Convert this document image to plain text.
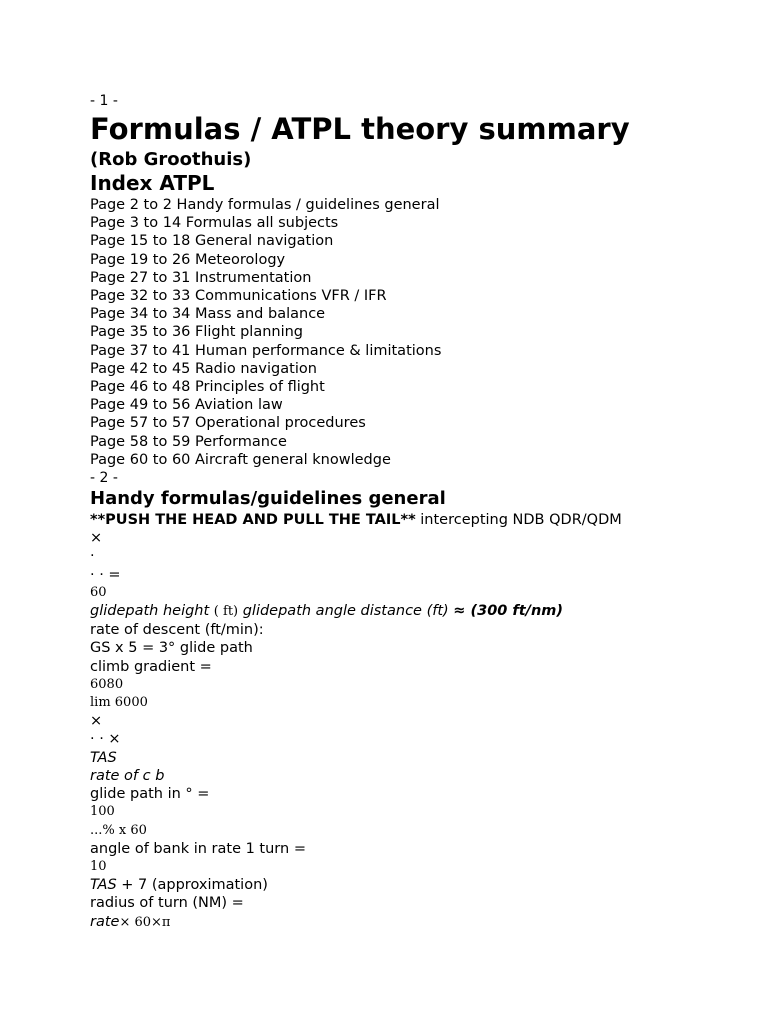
- 1 -
Formulas / ATPL theory summary
(Rob Groothuis)
Index ATPL
Page 2 to 2 Handy formulas / guidelines general
Page 3 to 14 Formulas all subjects
Page 15 to 18 General navigation
Page 19 to 26 Meteorology
Page 27 to 31 Instrumentation
Page 32 to 33 Communications VFR / IFR
Page 34 to 34 Mass and balance
Page 35 to 36 Flight planning
Page 37 to 41 Human performance & limitations
Page 42 to 45 Radio navigation
Page 46 to 48 Principles of flight
Page 49 to 56 Aviation law
Page 57 to 57 Operational procedures
Page 58 to 59 Performance
Page 60 to 60 Aircraft general knowledge
- 2 -
Handy formulas/guidelines general
**PUSH THE HEAD AND PULL THE TAIL** intercepting NDB QDR/QDM
×
·
· · =
60
glidepath height ( ft) glidepath angle distance (ft) ≈ (300 ft/nm)
rate of descent (ft/min):
GS x 5 = 3° glide path
climb gradient =
6080
lim 6000
×
· · ×
TAS
rate of c b
glide path in ° =
100
...% x 60
angle of bank in rate 1 turn =
10
TAS + 7 (approximation)
radius of turn (NM) =
rate× 60×π
